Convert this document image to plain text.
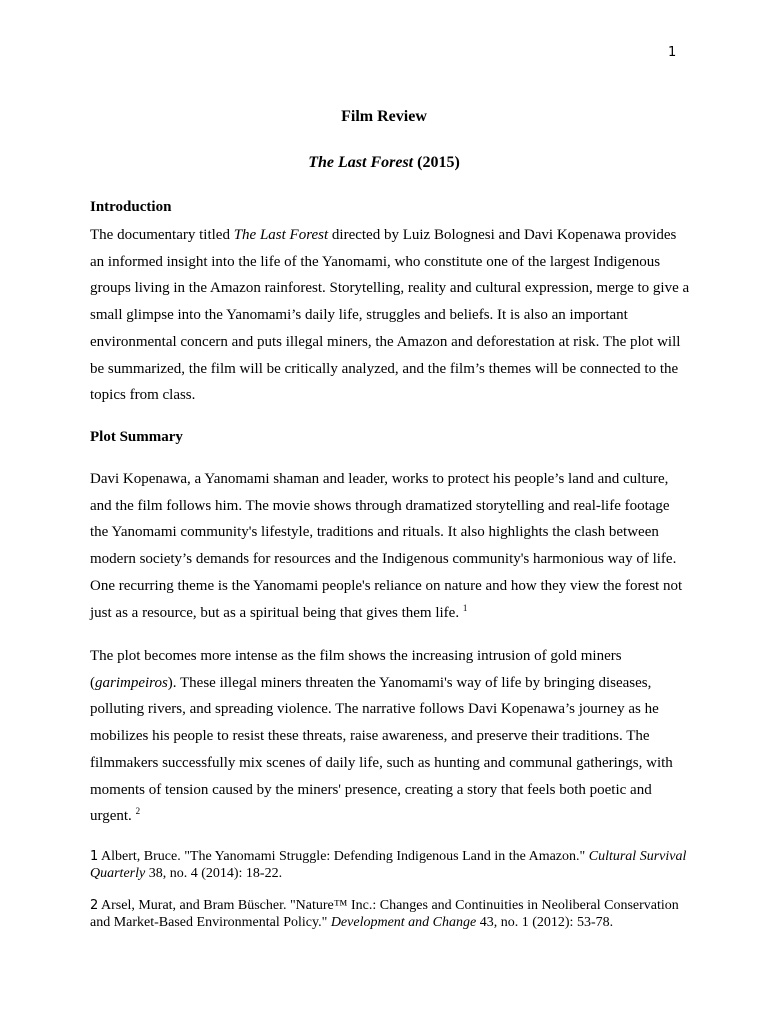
1
Film Review
The Last Forest (2015)
Introduction
The documentary titled The Last Forest directed by Luiz Bolognesi and Davi Kopenawa provides an informed insight into the life of the Yanomami, who constitute one of the largest Indigenous groups living in the Amazon rainforest. Storytelling, reality and cultural expression, merge to give a small glimpse into the Yanomami’s daily life, struggles and beliefs. It is also an important environmental concern and puts illegal miners, the Amazon and deforestation at risk. The plot will be summarized, the film will be critically analyzed, and the film’s themes will be connected to the topics from class.
Plot Summary
Davi Kopenawa, a Yanomami shaman and leader, works to protect his people’s land and culture, and the film follows him. The movie shows through dramatized storytelling and real-life footage the Yanomami community's lifestyle, traditions and rituals. It also highlights the clash between modern society’s demands for resources and the Indigenous community's harmonious way of life. One recurring theme is the Yanomami people's reliance on nature and how they view the forest not just as a resource, but as a spiritual being that gives them life. $^1$
The plot becomes more intense as the film shows the increasing intrusion of gold miners (garimpeiros). These illegal miners threaten the Yanomami's way of life by bringing diseases, polluting rivers, and spreading violence. The narrative follows Davi Kopenawa’s journey as he mobilizes his people to resist these threats, raise awareness, and preserve their traditions. The filmmakers successfully mix scenes of daily life, such as hunting and communal gatherings, with moments of tension caused by the miners' presence, creating a story that feels both poetic and urgent. $^2$
1 Albert, Bruce. "The Yanomami Struggle: Defending Indigenous Land in the Amazon." Cultural Survival Quarterly 38, no. 4 (2014): 18-22.
2 Arsel, Murat, and Bram Büscher. "Nature™ Inc.: Changes and Continuities in Neoliberal Conservation and Market-Based Environmental Policy." Development and Change 43, no. 1 (2012): 53-78.
